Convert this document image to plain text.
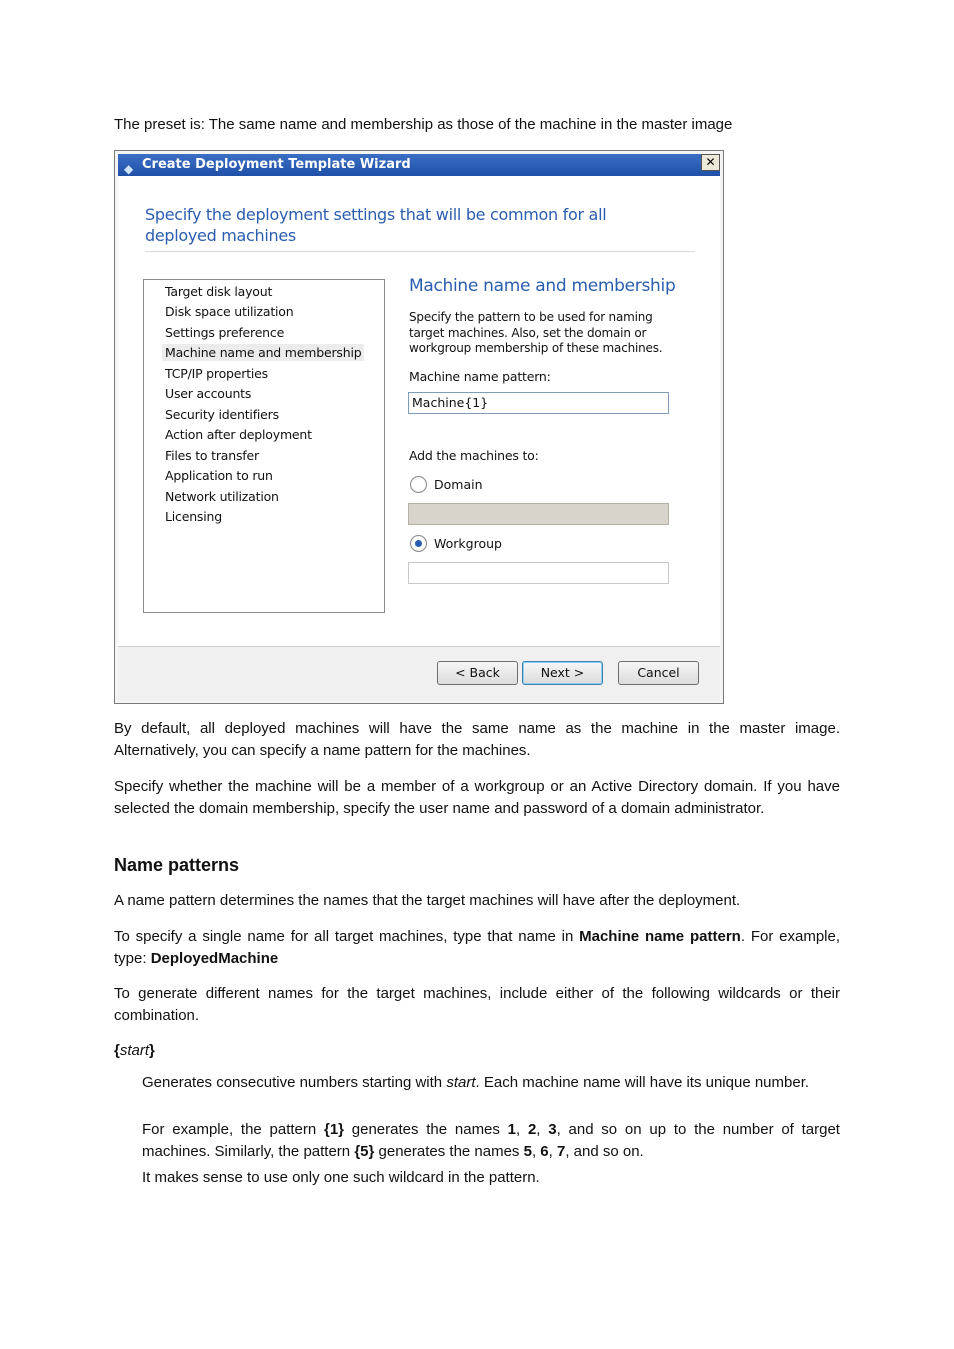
The preset is: The same name and membership as those of the machine in the master image

◆ Create Deployment Template Wizard	✕
Specify the deployment settings that will be common for all deployed machines
Target disk layout
Disk space utilization
Settings preference
Machine name and membership
TCP/IP properties
User accounts
Security identifiers
Action after deployment
Files to transfer
Application to run
Network utilization
Licensing
Machine name and membership
Specify the pattern to be used for naming target machines. Also, set the domain or workgroup membership of these machines.
Machine name pattern:
Machine{1}
Add the machines to:
Domain
Workgroup
< Back	Next >	Cancel

By default, all deployed machines will have the same name as the machine in the master image. Alternatively, you can specify a name pattern for the machines.

Specify whether the machine will be a member of a workgroup or an Active Directory domain. If you have selected the domain membership, specify the user name and password of a domain administrator.

Name patterns

A name pattern determines the names that the target machines will have after the deployment.

To specify a single name for all target machines, type that name in Machine name pattern. For example, type: DeployedMachine

To generate different names for the target machines, include either of the following wildcards or their combination.

{start}

Generates consecutive numbers starting with start. Each machine name will have its unique number.

For example, the pattern {1} generates the names 1, 2, 3, and so on up to the number of target machines. Similarly, the pattern {5} generates the names 5, 6, 7, and so on.

It makes sense to use only one such wildcard in the pattern.
